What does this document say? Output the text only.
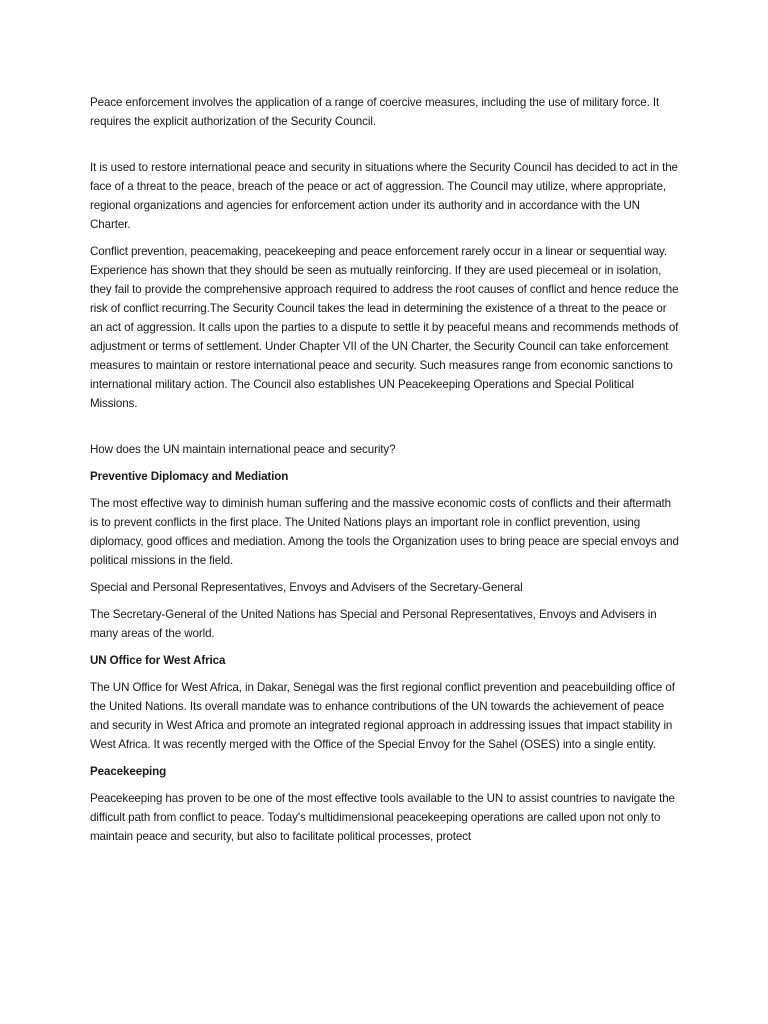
Peace enforcement involves the application of a range of coercive measures, including the use of military force. It requires the explicit authorization of the Security Council.

It is used to restore international peace and security in situations where the Security Council has decided to act in the face of a threat to the peace, breach of the peace or act of aggression. The Council may utilize, where appropriate, regional organizations and agencies for enforcement action under its authority and in accordance with the UN Charter.

Conflict prevention, peacemaking, peacekeeping and peace enforcement rarely occur in a linear or sequential way. Experience has shown that they should be seen as mutually reinforcing. If they are used piecemeal or in isolation, they fail to provide the comprehensive approach required to address the root causes of conflict and hence reduce the risk of conflict recurring.The Security Council takes the lead in determining the existence of a threat to the peace or an act of aggression. It calls upon the parties to a dispute to settle it by peaceful means and recommends methods of adjustment or terms of settlement. Under Chapter VII of the UN Charter, the Security Council can take enforcement measures to maintain or restore international peace and security. Such measures range from economic sanctions to international military action. The Council also establishes UN Peacekeeping Operations and Special Political Missions.

How does the UN maintain international peace and security?

Preventive Diplomacy and Mediation

The most effective way to diminish human suffering and the massive economic costs of conflicts and their aftermath is to prevent conflicts in the first place. The United Nations plays an important role in conflict prevention, using diplomacy, good offices and mediation. Among the tools the Organization uses to bring peace are special envoys and political missions in the field.

Special and Personal Representatives, Envoys and Advisers of the Secretary-General

The Secretary-General of the United Nations has Special and Personal Representatives, Envoys and Advisers in many areas of the world.

UN Office for West Africa

The UN Office for West Africa, in Dakar, Senegal was the first regional conflict prevention and peacebuilding office of the United Nations. Its overall mandate was to enhance contributions of the UN towards the achievement of peace and security in West Africa and promote an integrated regional approach in addressing issues that impact stability in West Africa. It was recently merged with the Office of the Special Envoy for the Sahel (OSES) into a single entity.

Peacekeeping

Peacekeeping has proven to be one of the most effective tools available to the UN to assist countries to navigate the difficult path from conflict to peace. Today's multidimensional peacekeeping operations are called upon not only to maintain peace and security, but also to facilitate political processes, protect
